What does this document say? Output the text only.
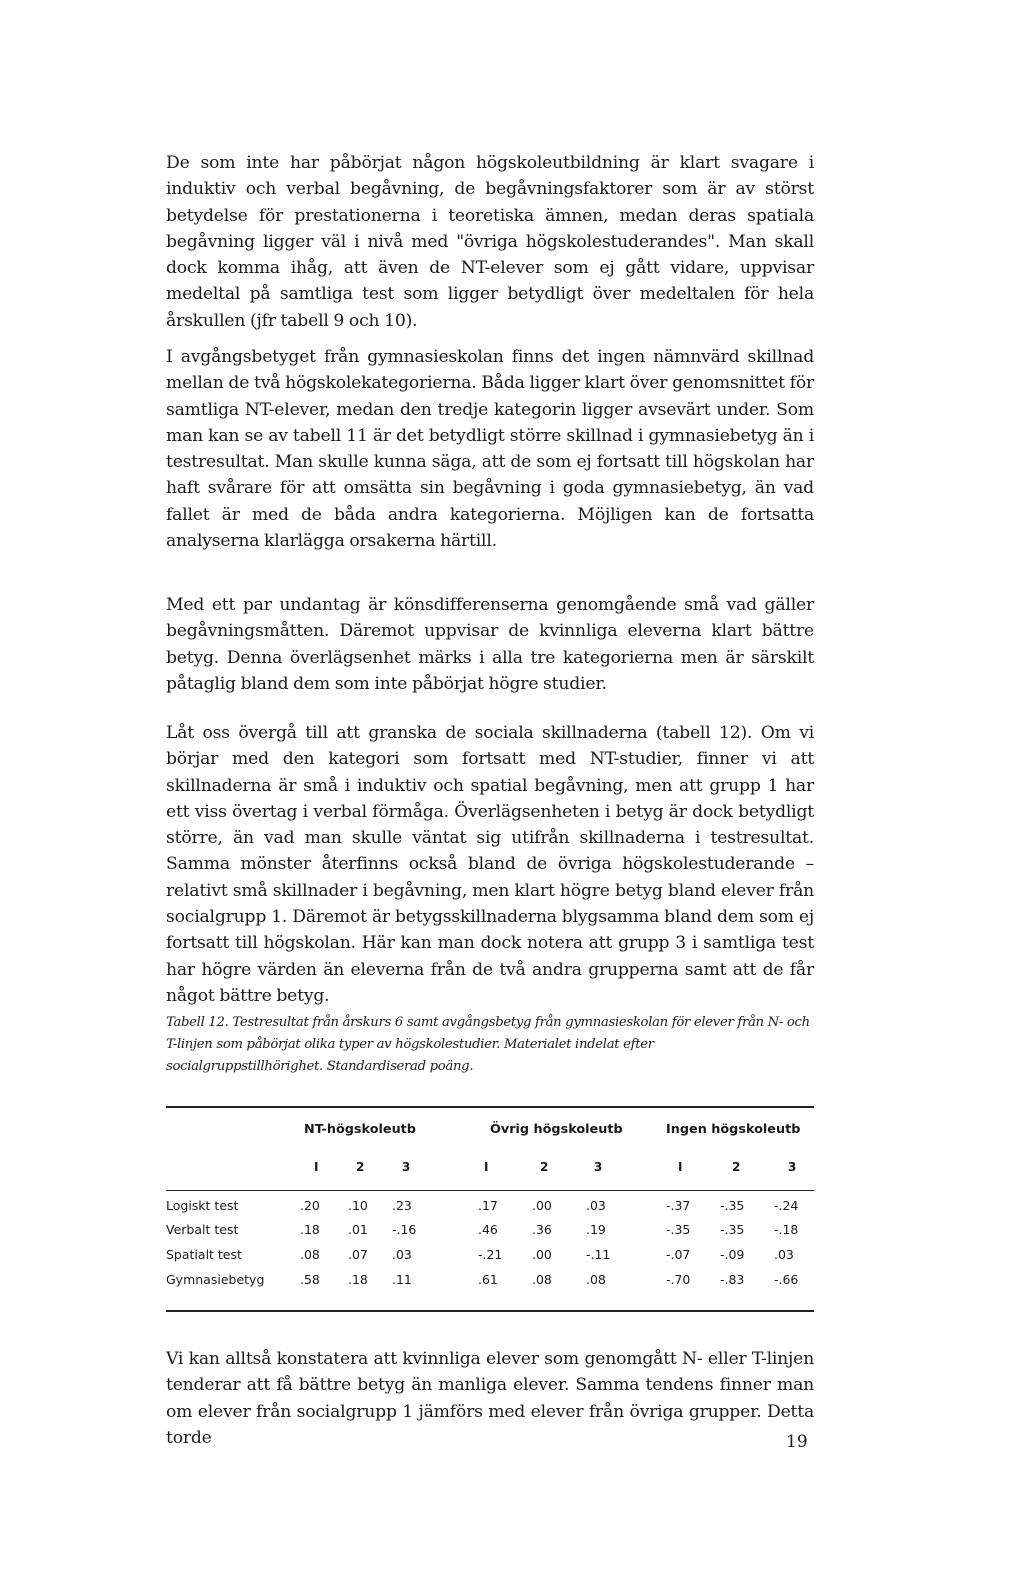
De som inte har påbörjat någon högskoleutbildning är klart svagare i induktiv och verbal begåvning, de begåvningsfaktorer som är av störst betydelse för prestationerna i teoretiska ämnen, medan deras spatiala begåvning ligger väl i nivå med "övriga högskolestuderandes". Man skall dock komma ihåg, att även de NT-elever som ej gått vidare, uppvisar medeltal på samtliga test som ligger betydligt över medeltalen för hela årskullen (jfr tabell 9 och 10).

I avgångsbetyget från gymnasieskolan finns det ingen nämnvärd skillnad mellan de två högskolekategorierna. Båda ligger klart över genomsnittet för samtliga NT-elever, medan den tredje kategorin ligger avsevärt under. Som man kan se av tabell 11 är det betydligt större skillnad i gymnasiebetyg än i testresultat. Man skulle kunna säga, att de som ej fortsatt till högskolan har haft svårare för att omsätta sin begåvning i goda gymnasiebetyg, än vad fallet är med de båda andra kategorierna. Möjligen kan de fortsatta analyserna klarlägga orsakerna härtill.

Med ett par undantag är könsdifferenserna genomgående små vad gäller begåvningsmåtten. Däremot uppvisar de kvinnliga eleverna klart bättre betyg. Denna överlägsenhet märks i alla tre kategorierna men är särskilt påtaglig bland dem som inte påbörjat högre studier.

Låt oss övergå till att granska de sociala skillnaderna (tabell 12). Om vi börjar med den kategori som fortsatt med NT-studier, finner vi att skillnaderna är små i induktiv och spatial begåvning, men att grupp 1 har ett viss övertag i verbal förmåga. Överlägsenheten i betyg är dock betydligt större, än vad man skulle väntat sig utifrån skillnaderna i testresultat. Samma mönster återfinns också bland de övriga högskolestuderande – relativt små skillnader i begåvning, men klart högre betyg bland elever från socialgrupp 1. Däremot är betygsskillnaderna blygsamma bland dem som ej fortsatt till högskolan. Här kan man dock notera att grupp 3 i samtliga test har högre värden än eleverna från de två andra grupperna samt att de får något bättre betyg.

Tabell 12. Testresultat från årskurs 6 samt avgångsbetyg från gymnasieskolan för elever från N- och T-linjen som påbörjat olika typer av högskolestudier. Materialet indelat efter socialgruppstillhörighet. Standardiserad poäng.

NT-högskoleutb	Övrig högskoleutb	Ingen högskoleutb
I	2	3	I	2	3	I	2	3
Logiskt test	.20 .10 .23	.17	.00	.03	-.37 -.35 -.24
Verbalt test	.18 .01 -.16	.46	.36	.19	-.35 -.35 -.18
Spatialt test	.08 .07 .03	-.21 .00	-.11	-.07 -.09 .03
Gymnasiebetyg	.58 .18 .11	.61	.08	.08	-.70 -.83 -.66

Vi kan alltså konstatera att kvinnliga elever som genomgått N- eller T-linjen tenderar att få bättre betyg än manliga elever. Samma tendens finner man om elever från socialgrupp 1 jämförs med elever från övriga grupper. Detta torde	19
